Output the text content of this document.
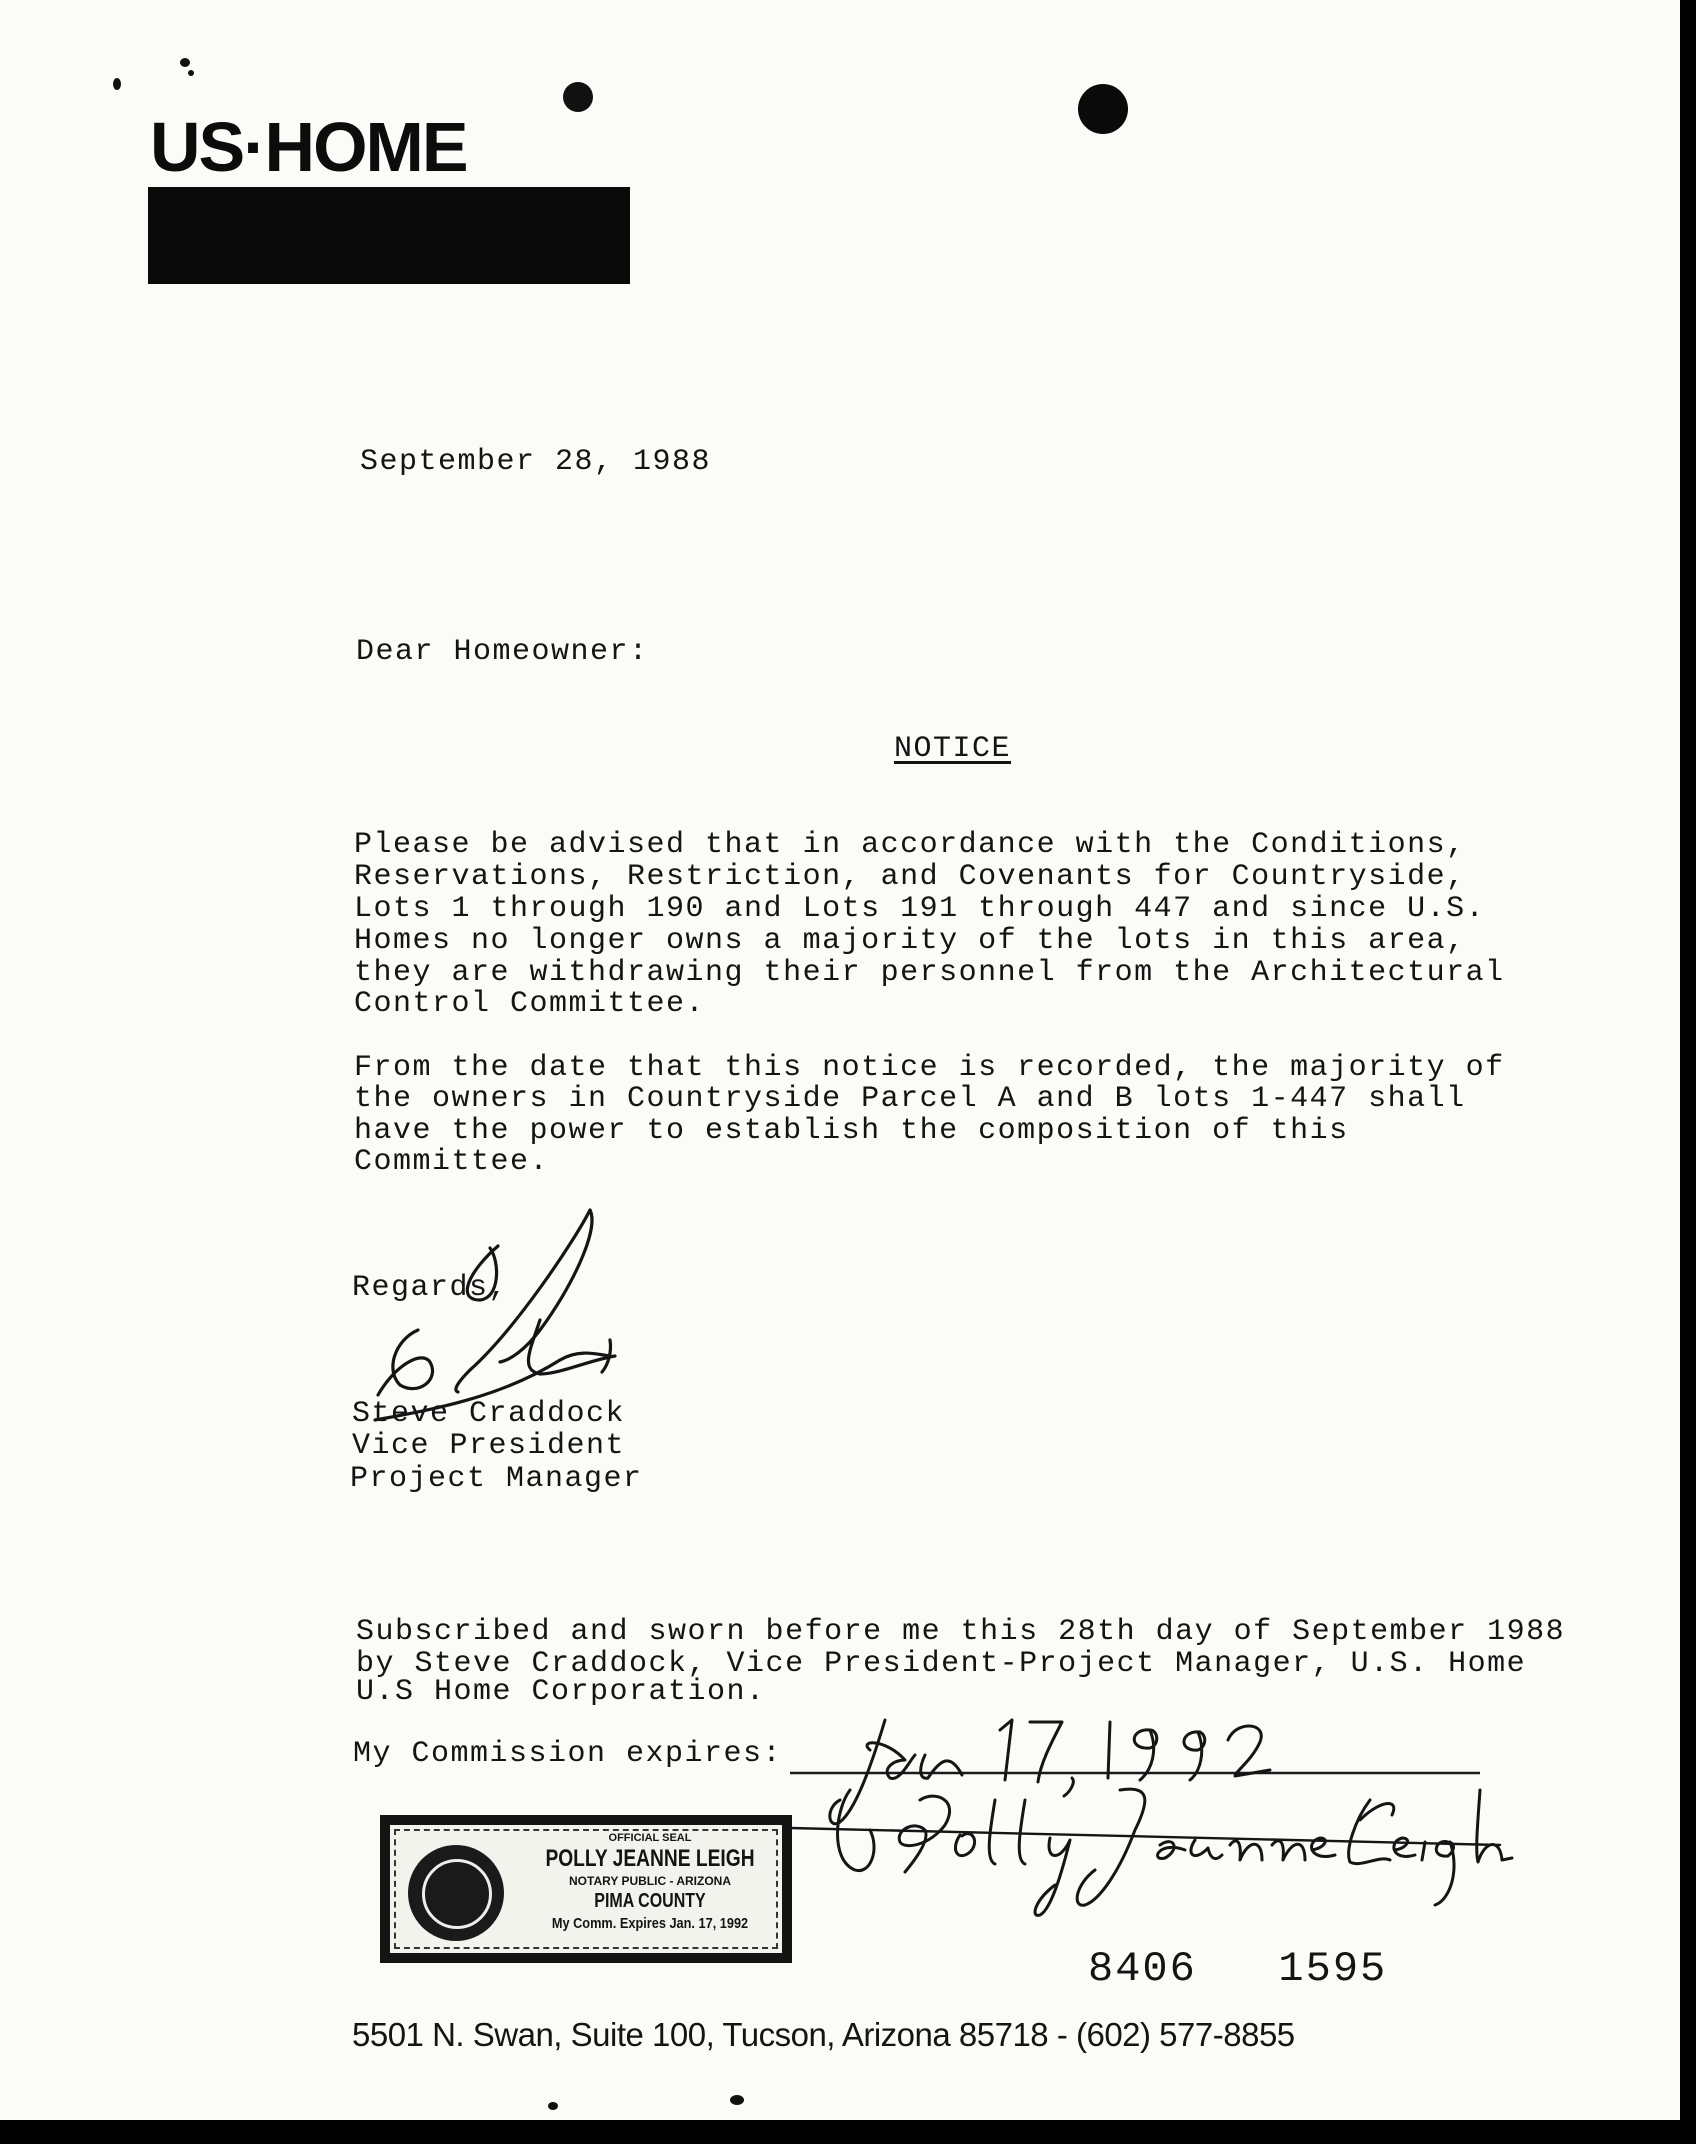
US·HOME
September 28, 1988
Dear Homeowner:
NOTICE
Please be advised that in accordance with the Conditions,
Reservations, Restriction, and Covenants for Countryside,
Lots 1 through 190 and Lots 191 through 447 and since U.S.
Homes no longer owns a majority of the lots in this area,
they are withdrawing their personnel from the Architectural
Control Committee.
From the date that this notice is recorded, the majority of
the owners in Countryside Parcel A and B lots 1-447 shall
have the power to establish the composition of this
Committee.
Regards,
Steve Craddock
Vice President
Project Manager
Subscribed and sworn before me this 28th day of September 1988
by Steve Craddock, Vice President-Project Manager, U.S. Home
U.S Home Corporation.
My Commission expires:
OFFICIAL SEAL
POLLY JEANNE LEIGH
NOTARY PUBLIC - ARIZONA
PIMA COUNTY
My Comm. Expires Jan. 17, 1992
8406   1595
5501 N. Swan, Suite 100, Tucson, Arizona 85718 - (602) 577-8855
